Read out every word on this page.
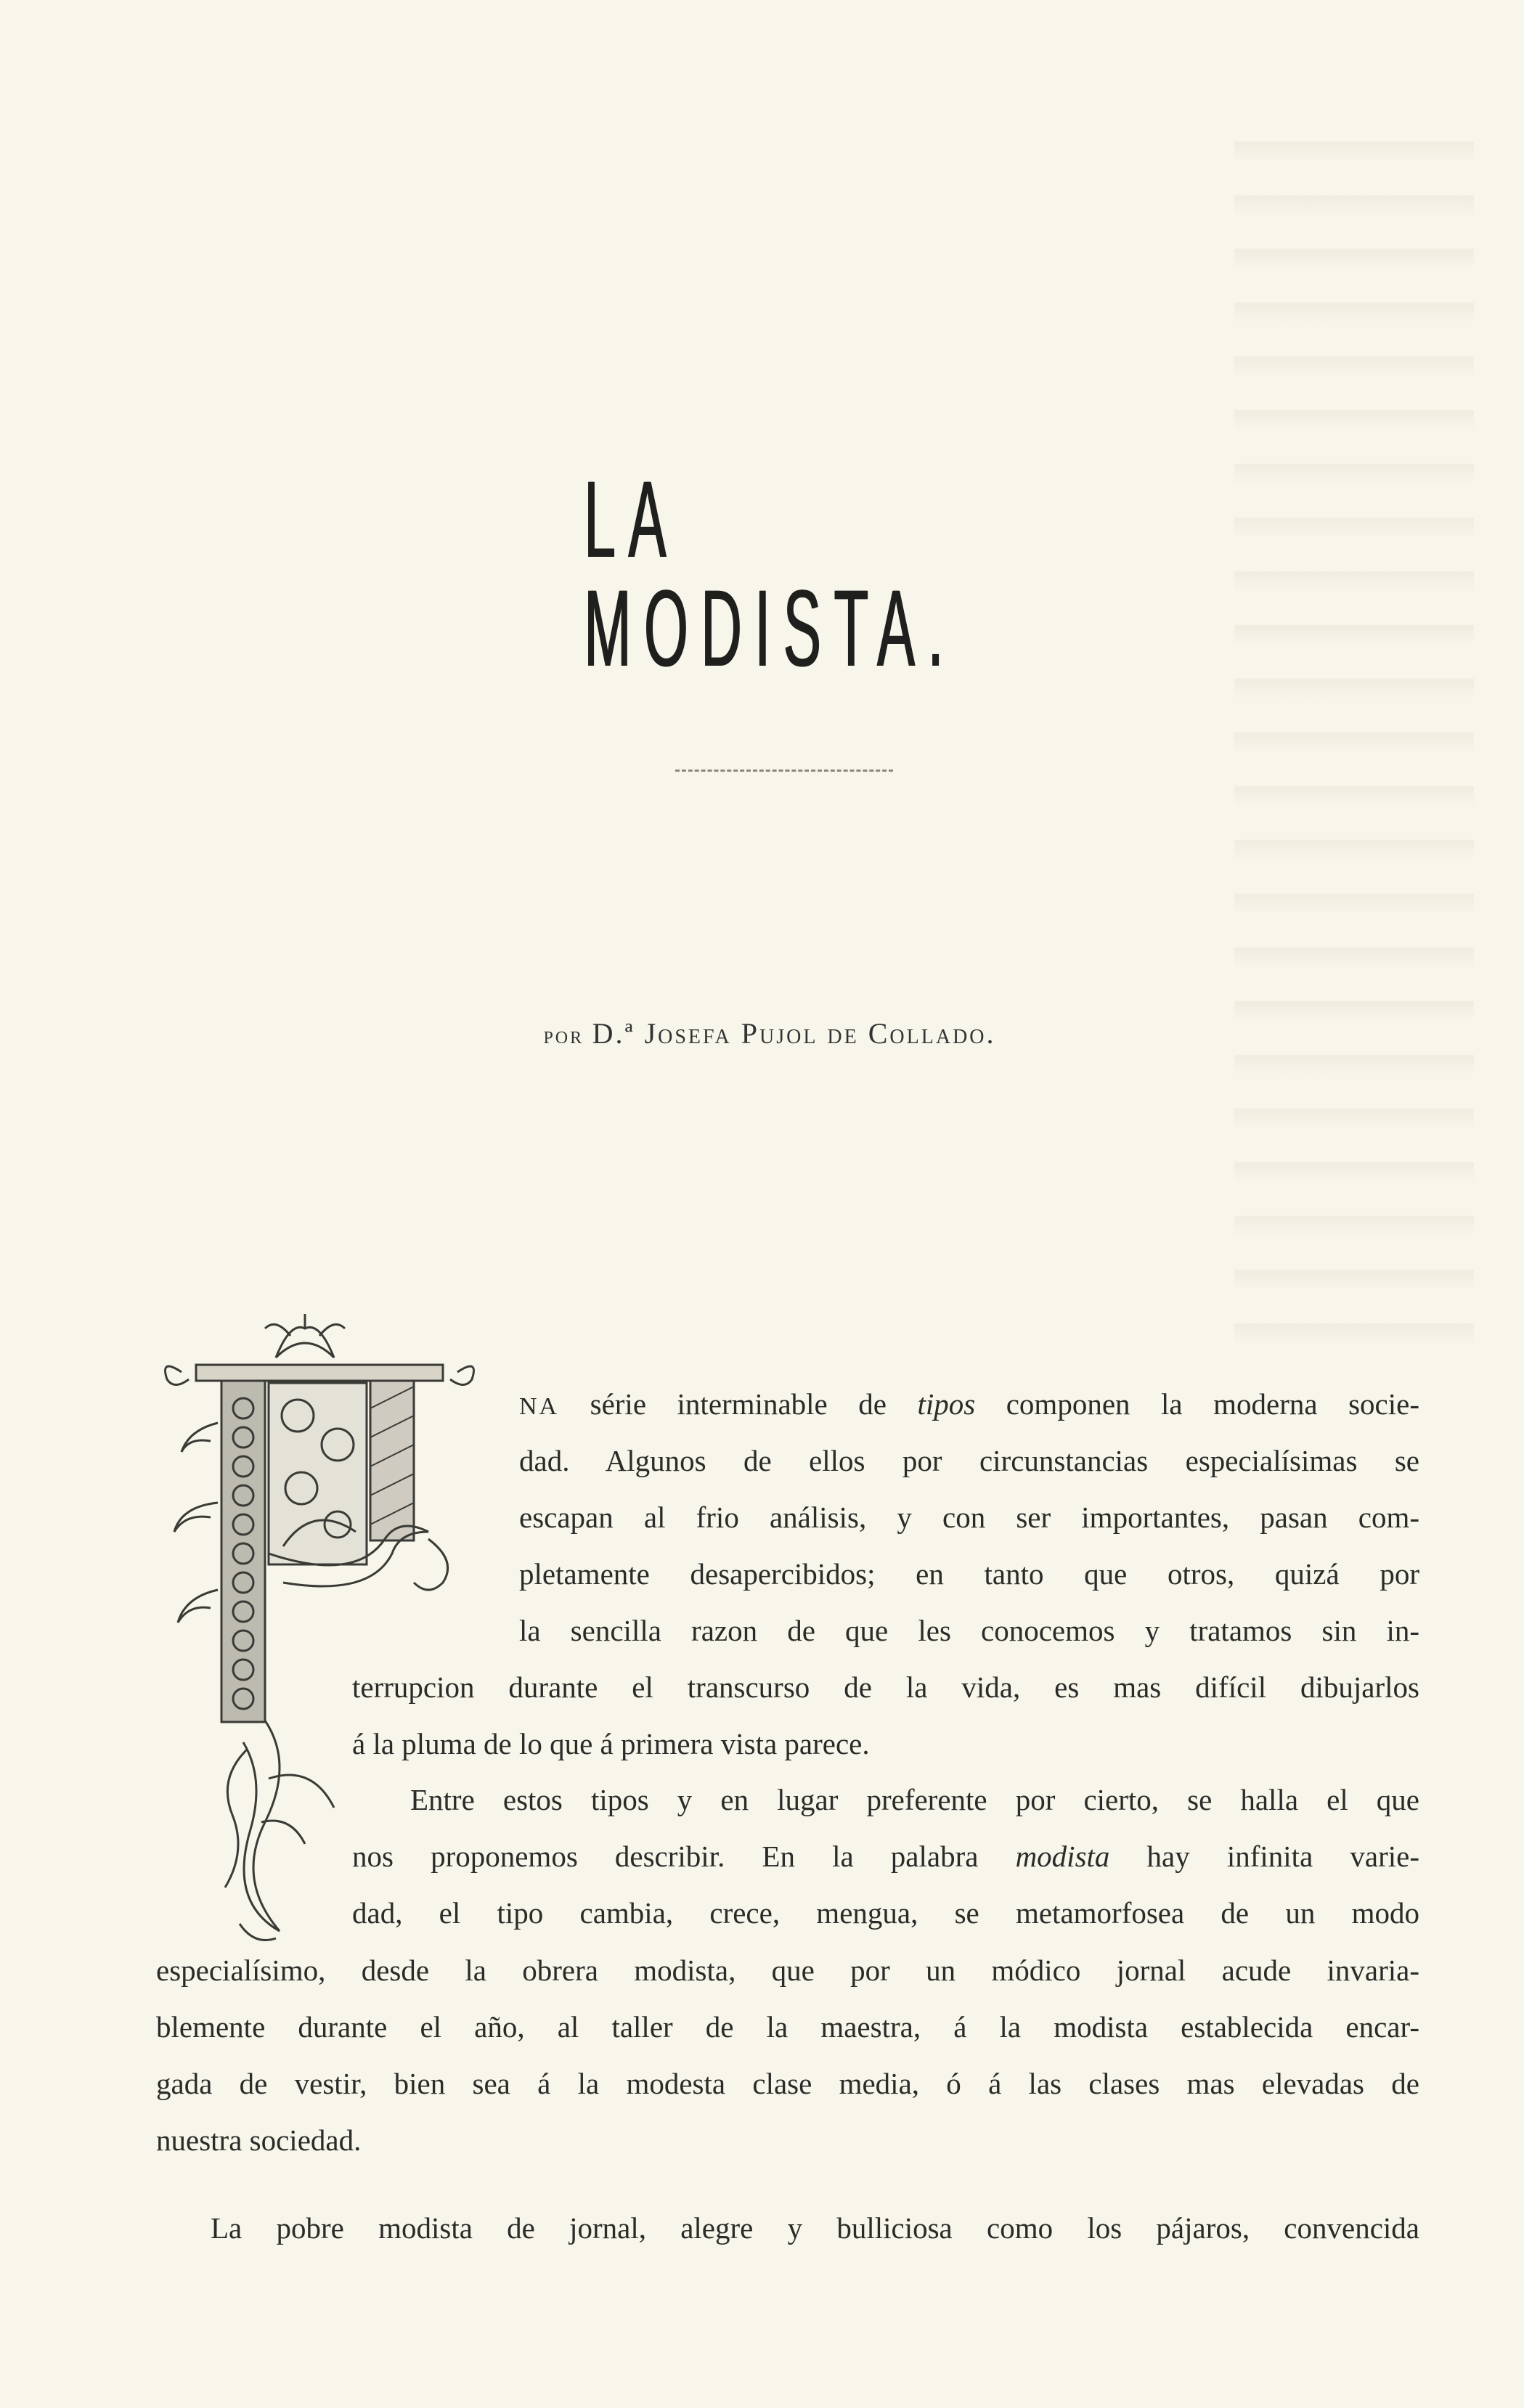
LA MODISTA.
por D.ª Josefa Pujol de Collado.
NA série interminable de tipos componen la moderna socie-
dad. Algunos de ellos por circunstancias especialísimas se
escapan al frio análisis, y con ser importantes, pasan com-
pletamente desapercibidos; en tanto que otros, quizá por
la sencilla razon de que les conocemos y tratamos sin in-
terrupcion durante el transcurso de la vida, es mas difícil dibujarlos
á la pluma de lo que á primera vista parece.
Entre estos tipos y en lugar preferente por cierto, se halla el que
nos proponemos describir. En la palabra modista hay infinita varie-
dad, el tipo cambia, crece, mengua, se metamorfosea de un modo
especialísimo, desde la obrera modista, que por un módico jornal acude invaria-
blemente durante el año, al taller de la maestra, á la modista establecida encar-
gada de vestir, bien sea á la modesta clase media, ó á las clases mas elevadas de
nuestra sociedad.
La pobre modista de jornal, alegre y bulliciosa como los pájaros, convencida
